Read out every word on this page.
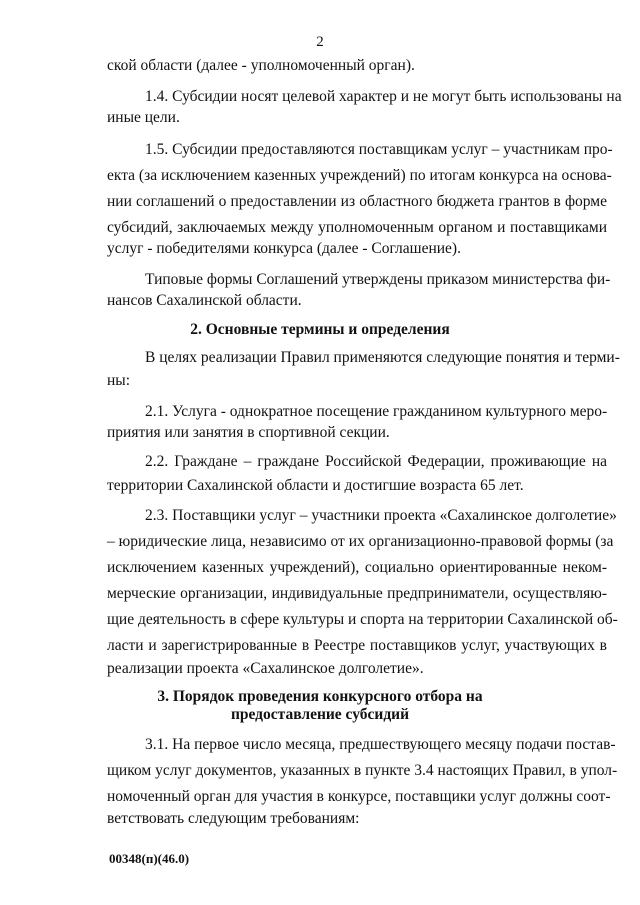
2
ской области (далее - уполномоченный орган).
1.4. Субсидии носят целевой характер и не могут быть использованы на
иные цели.
1.5. Субсидии предоставляются поставщикам услуг – участникам про-
екта (за исключением казенных учреждений) по итогам конкурса на основа-
нии соглашений о предоставлении из областного бюджета грантов в форме
субсидий, заключаемых между уполномоченным органом и поставщиками
услуг - победителями конкурса (далее - Соглашение).
Типовые формы Соглашений утверждены приказом министерства фи-
нансов Сахалинской области.
2. Основные термины и определения
В целях реализации Правил применяются следующие понятия и терми-
ны:
2.1. Услуга - однократное посещение гражданином культурного меро-
приятия или занятия в спортивной секции.
2.2. Граждане – граждане Российской Федерации, проживающие на
территории Сахалинской области и достигшие возраста 65 лет.
2.3. Поставщики услуг – участники проекта «Сахалинское долголетие»
– юридические лица, независимо от их организационно-правовой формы (за
исключением казенных учреждений), социально ориентированные неком-
мерческие организации, индивидуальные предприниматели, осуществляю-
щие деятельность в сфере культуры и спорта на территории Сахалинской об-
ласти и зарегистрированные в Реестре поставщиков услуг, участвующих в
реализации проекта «Сахалинское долголетие».
3. Порядок проведения конкурсного отбора на
предоставление субсидий
3.1. На первое число месяца, предшествующего месяцу подачи постав-
щиком услуг документов, указанных в пункте 3.4 настоящих Правил, в упол-
номоченный орган для участия в конкурсе, поставщики услуг должны соот-
ветствовать следующим требованиям:
00348(п)(46.0)
